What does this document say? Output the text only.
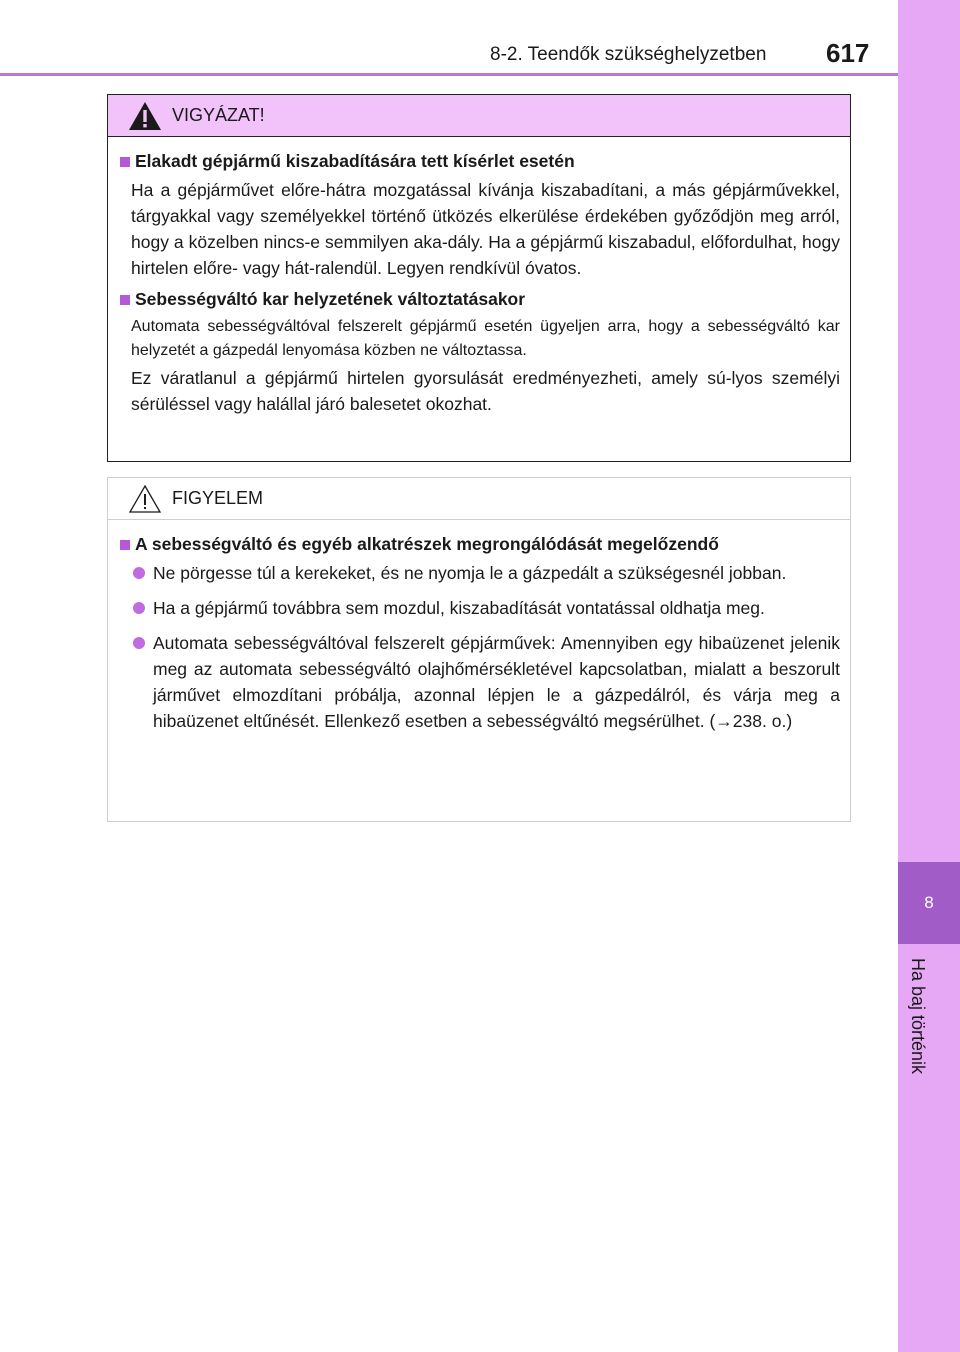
8-2. Teendők szükséghelyzetben 617
8
Ha baj történik
VIGYÁZAT!
Elakadt gépjármű kiszabadítására tett kísérlet esetén

Ha a gépjárművet előre-hátra mozgatással kívánja kiszabadítani, a más gépjárművekkel, tárgyakkal vagy személyekkel történő ütközés elkerülése érdekében győződjön meg arról, hogy a közelben nincs-e semmilyen aka-dály. Ha a gépjármű kiszabadul, előfordulhat, hogy hirtelen előre- vagy hát-ralendül. Legyen rendkívül óvatos.

Sebességváltó kar helyzetének változtatásakor

Automata sebességváltóval felszerelt gépjármű esetén ügyeljen arra, hogy a sebességváltó kar helyzetét a gázpedál lenyomása közben ne változtassa.

Ez váratlanul a gépjármű hirtelen gyorsulását eredményezheti, amely sú-lyos személyi sérüléssel vagy halállal járó balesetet okozhat.

FIGYELEM
A sebességváltó és egyéb alkatrészek megrongálódását megelőzendő
Ne pörgesse túl a kerekeket, és ne nyomja le a gázpedált a szükségesnél jobban.
Ha a gépjármű továbbra sem mozdul, kiszabadítását vontatással oldhatja meg.
Automata sebességváltóval felszerelt gépjárművek: Amennyiben egy hibaüzenet jelenik meg az automata sebességváltó olajhőmérsékletével kapcsolatban, mialatt a beszorult járművet elmozdítani próbálja, azonnal lépjen le a gázpedálról, és várja meg a hibaüzenet eltűnését. Ellenkező esetben a sebességváltó megsérülhet. (→238. o.)
